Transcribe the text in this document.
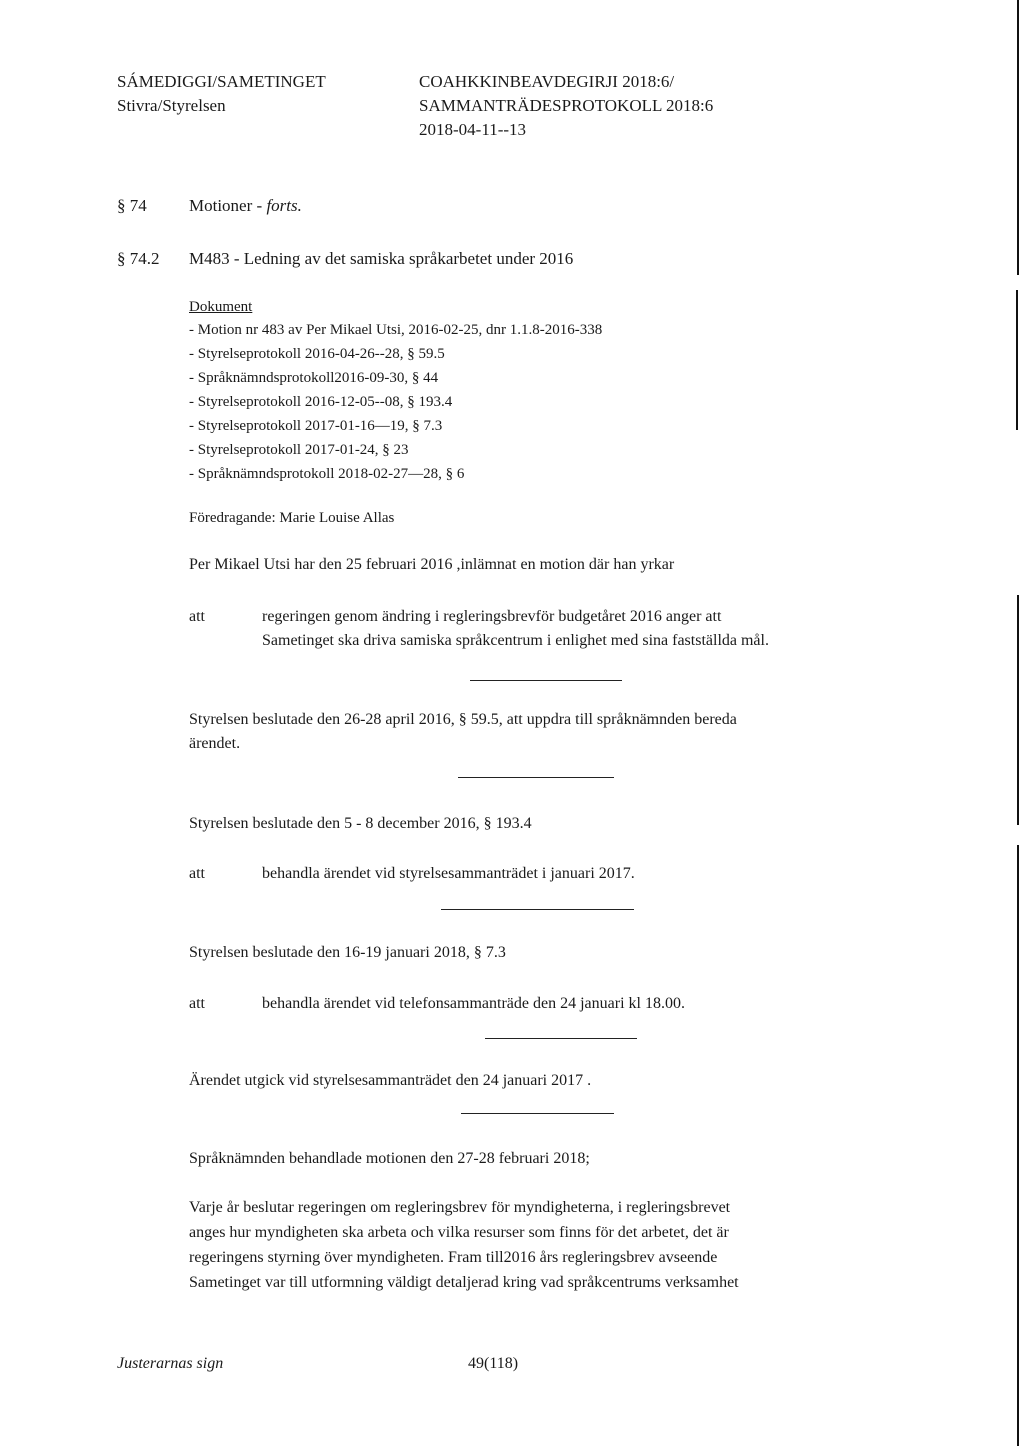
SÁMEDIGGI/SAMETINGET
Stivra/Styrelsen
COAHKKINBEAVDEGIRJI 2018:6/
SAMMANTRÄDESPROTOKOLL 2018:6
2018-04-11--13
§ 74 Motioner - forts.
§ 74.2 M483 - Ledning av det samiska språkarbetet under 2016
Dokument
- Motion nr 483 av Per Mikael Utsi, 2016-02-25, dnr 1.1.8-2016-338
- Styrelseprotokoll 2016-04-26--28, § 59.5
- Språknämndsprotokoll2016-09-30, § 44
- Styrelseprotokoll 2016-12-05--08, § 193.4
- Styrelseprotokoll 2017-01-16—19, § 7.3
- Styrelseprotokoll 2017-01-24, § 23
- Språknämndsprotokoll 2018-02-27—28, § 6
Föredragande: Marie Louise Allas
Per Mikael Utsi har den 25 februari 2016 ,inlämnat en motion där han yrkar
att	regeringen genom ändring i regleringsbrevför budgetåret 2016 anger att
Sametinget ska driva samiska språkcentrum i enlighet med sina fastställda mål.
Styrelsen beslutade den 26-28 april 2016, § 59.5, att uppdra till språknämnden bereda
ärendet.
Styrelsen beslutade den 5 - 8 december 2016, § 193.4
att	behandla ärendet vid styrelsesammanträdet i januari 2017.
Styrelsen beslutade den 16-19 januari 2018, § 7.3
att	behandla ärendet vid telefonsammanträde den 24 januari kl 18.00.
Ärendet utgick vid styrelsesammanträdet den 24 januari 2017 .
Språknämnden behandlade motionen den 27-28 februari 2018;
Varje år beslutar regeringen om regleringsbrev för myndigheterna, i regleringsbrevet
anges hur myndigheten ska arbeta och vilka resurser som finns för det arbetet, det är
regeringens styrning över myndigheten. Fram till2016 års regleringsbrev avseende
Sametinget var till utformning väldigt detaljerad kring vad språkcentrums verksamhet
Justerarnas sign	49(118)
